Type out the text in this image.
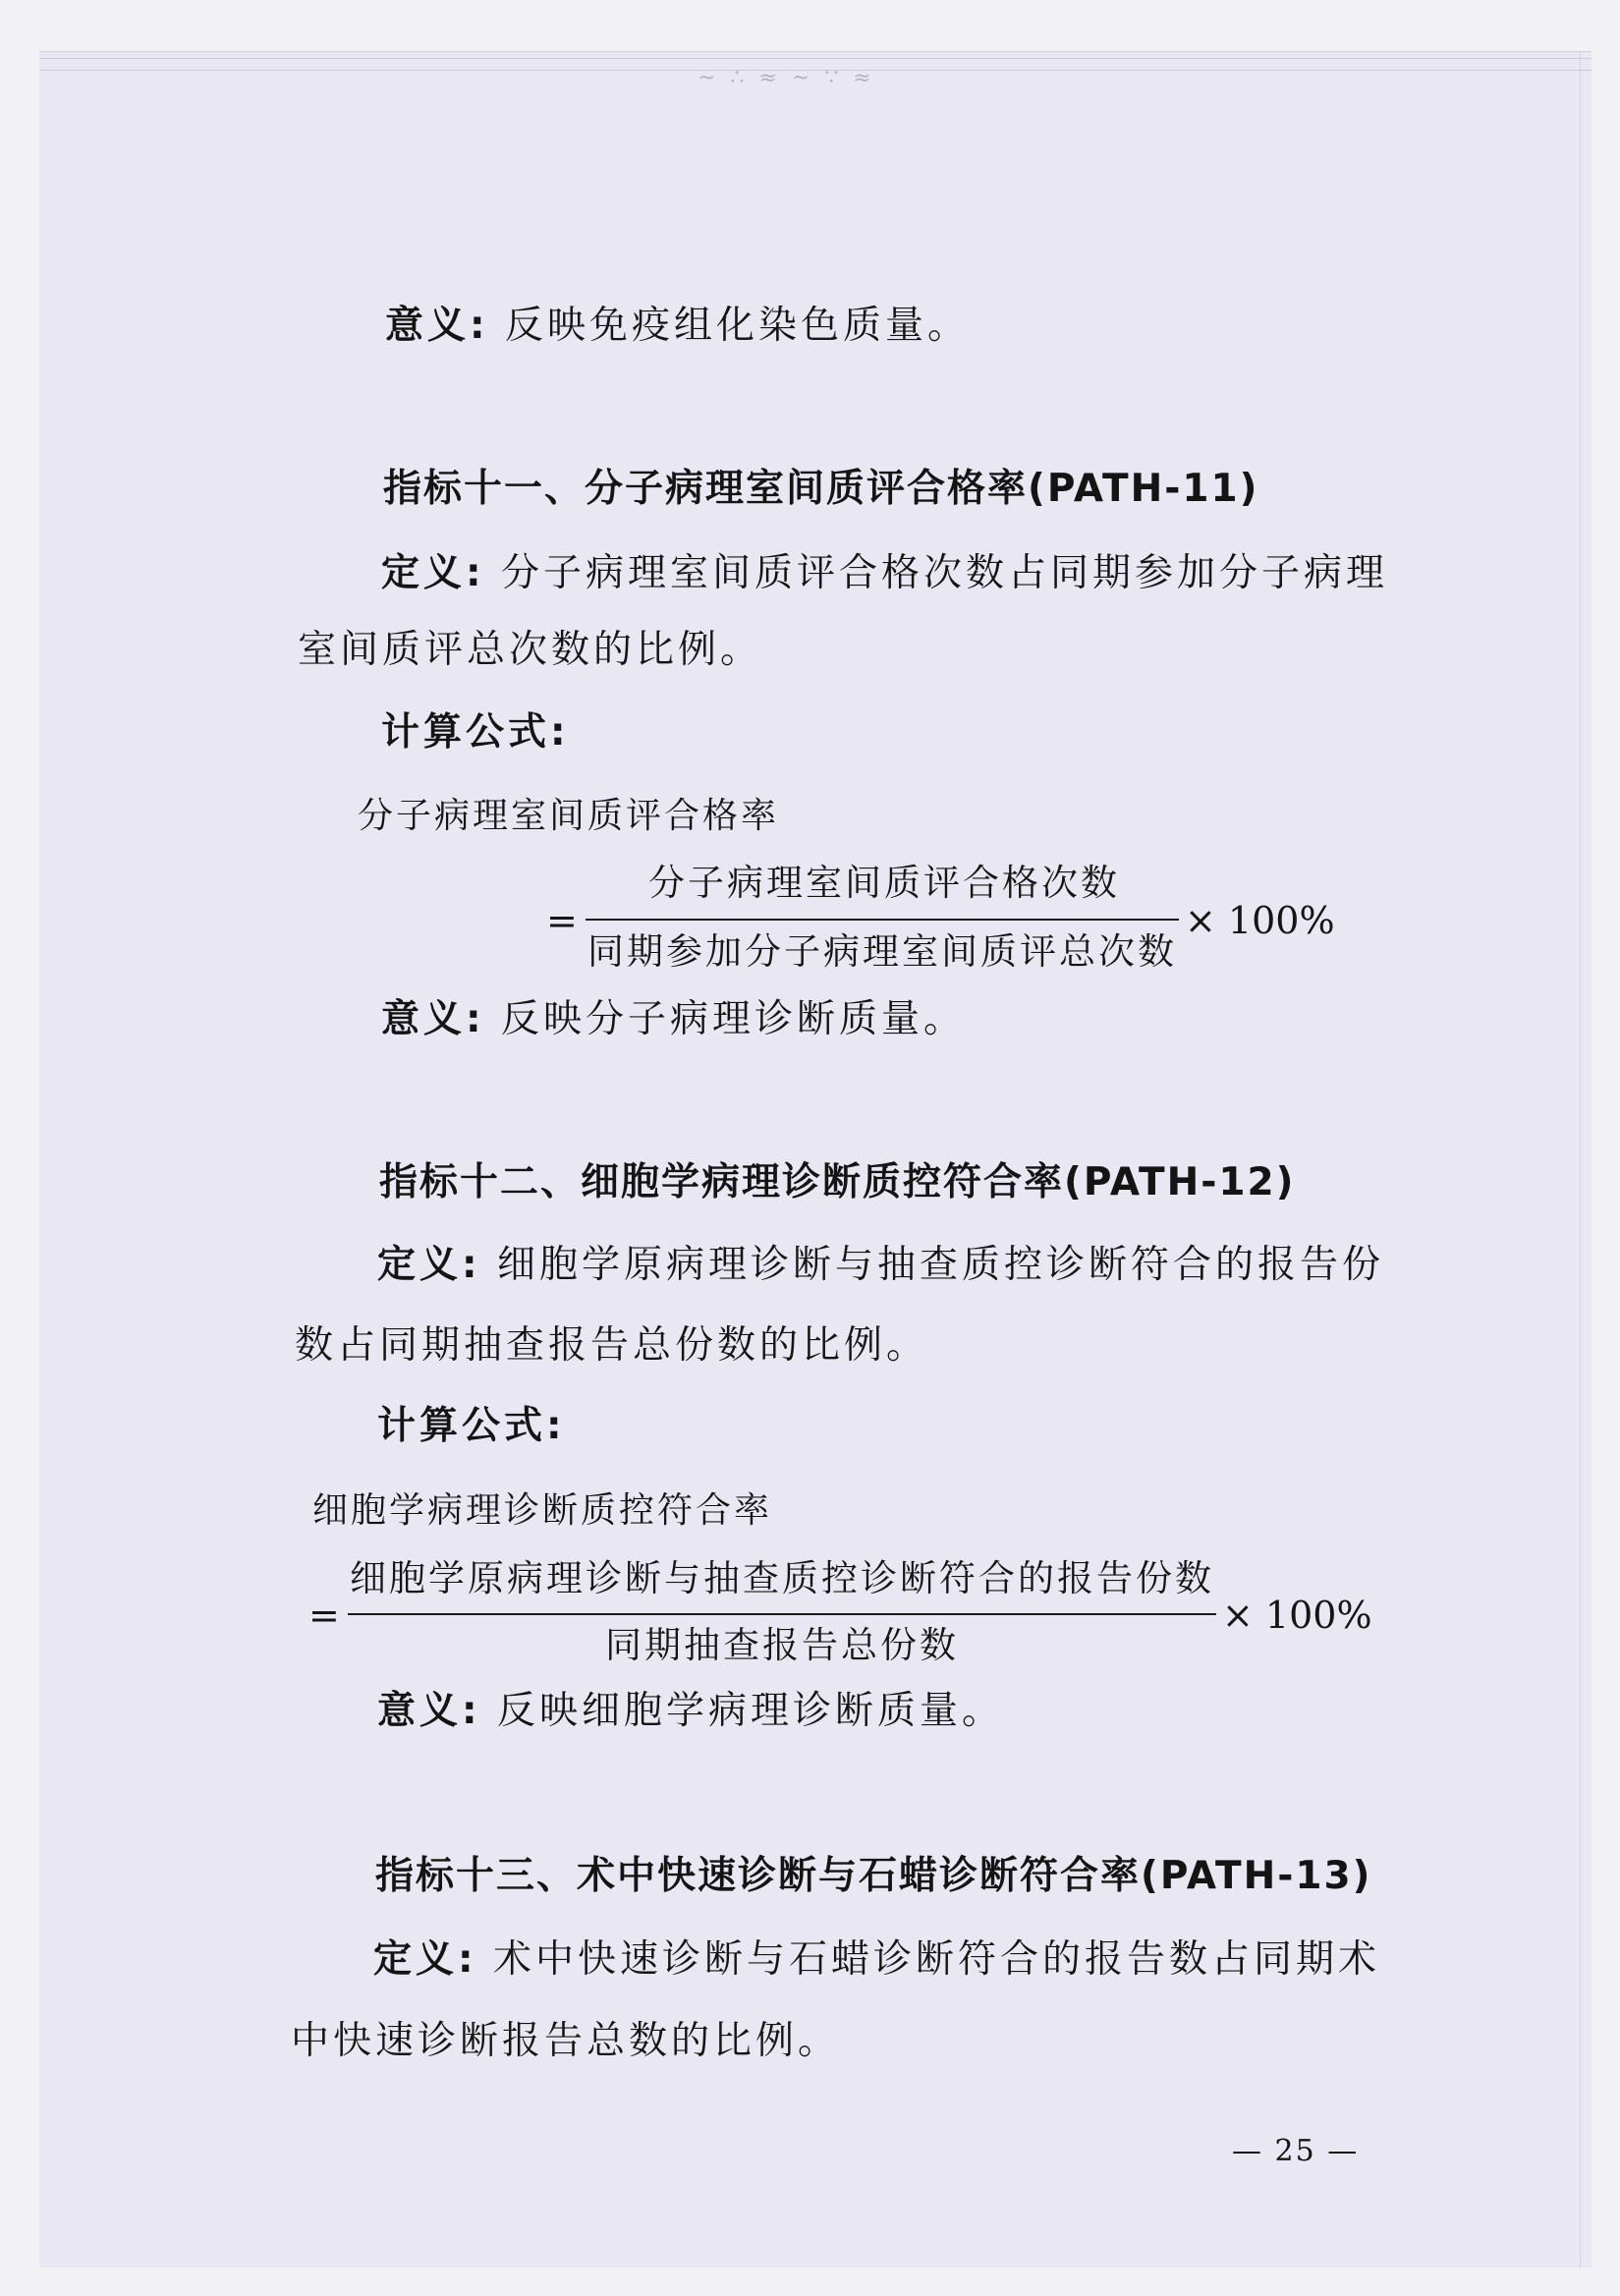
~ ∴ ≈ ~ ∵ ≈
意义: 反映免疫组化染色质量。
指标十一、分子病理室间质评合格率(PATH-11)
定义: 分子病理室间质评合格次数占同期参加分子病理
室间质评总次数的比例。
计算公式:
分子病理室间质评合格率
=
分子病理室间质评合格次数
同期参加分子病理室间质评总次数
× 100%
意义: 反映分子病理诊断质量。
指标十二、细胞学病理诊断质控符合率(PATH-12)
定义: 细胞学原病理诊断与抽查质控诊断符合的报告份
数占同期抽查报告总份数的比例。
计算公式:
细胞学病理诊断质控符合率
=
细胞学原病理诊断与抽查质控诊断符合的报告份数
同期抽查报告总份数
× 100%
意义: 反映细胞学病理诊断质量。
指标十三、术中快速诊断与石蜡诊断符合率(PATH-13)
定义: 术中快速诊断与石蜡诊断符合的报告数占同期术
中快速诊断报告总数的比例。
— 25 —
